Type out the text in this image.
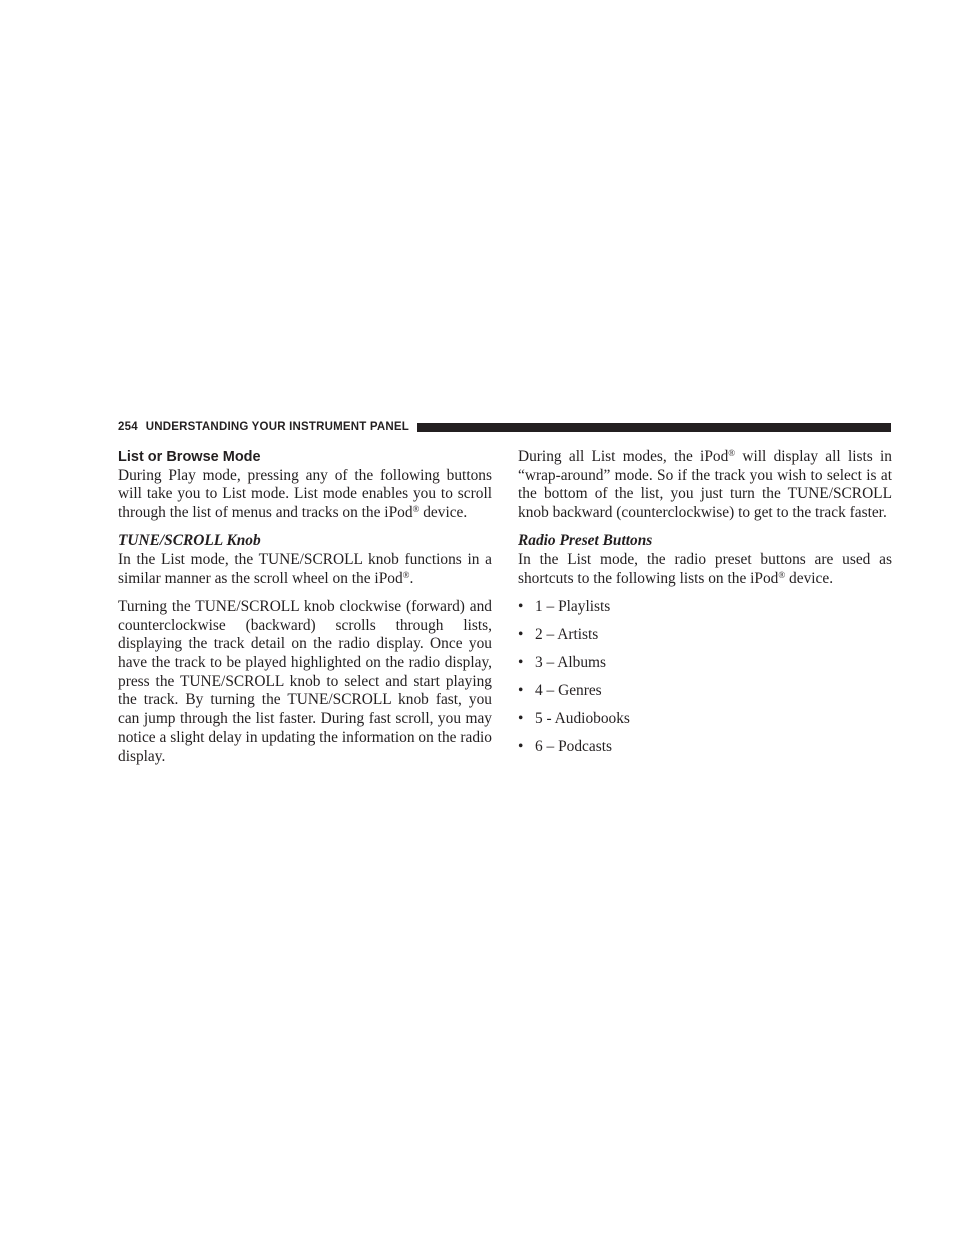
254 UNDERSTANDING YOUR INSTRUMENT PANEL
List or Browse Mode

During Play mode, pressing any of the following buttons will take you to List mode. List mode enables you to scroll through the list of menus and tracks on the iPod® device.

TUNE/SCROLL Knob

In the List mode, the TUNE/SCROLL knob functions in a similar manner as the scroll wheel on the iPod®.

Turning the TUNE/SCROLL knob clockwise (forward) and counterclockwise (backward) scrolls through lists, displaying the track detail on the radio display. Once you have the track to be played highlighted on the radio display, press the TUNE/SCROLL knob to select and start playing the track. By turning the TUNE/SCROLL knob fast, you can jump through the list faster. During fast scroll, you may notice a slight delay in updating the information on the radio display.

During all List modes, the iPod® will display all lists in “wrap-around” mode. So if the track you wish to select is at the bottom of the list, you just turn the TUNE/SCROLL knob backward (counterclockwise) to get to the track faster.

Radio Preset Buttons

In the List mode, the radio preset buttons are used as shortcuts to the following lists on the iPod® device.

• 1 – Playlists
• 2 – Artists
• 3 – Albums
• 4 – Genres
• 5 - Audiobooks
• 6 – Podcasts
